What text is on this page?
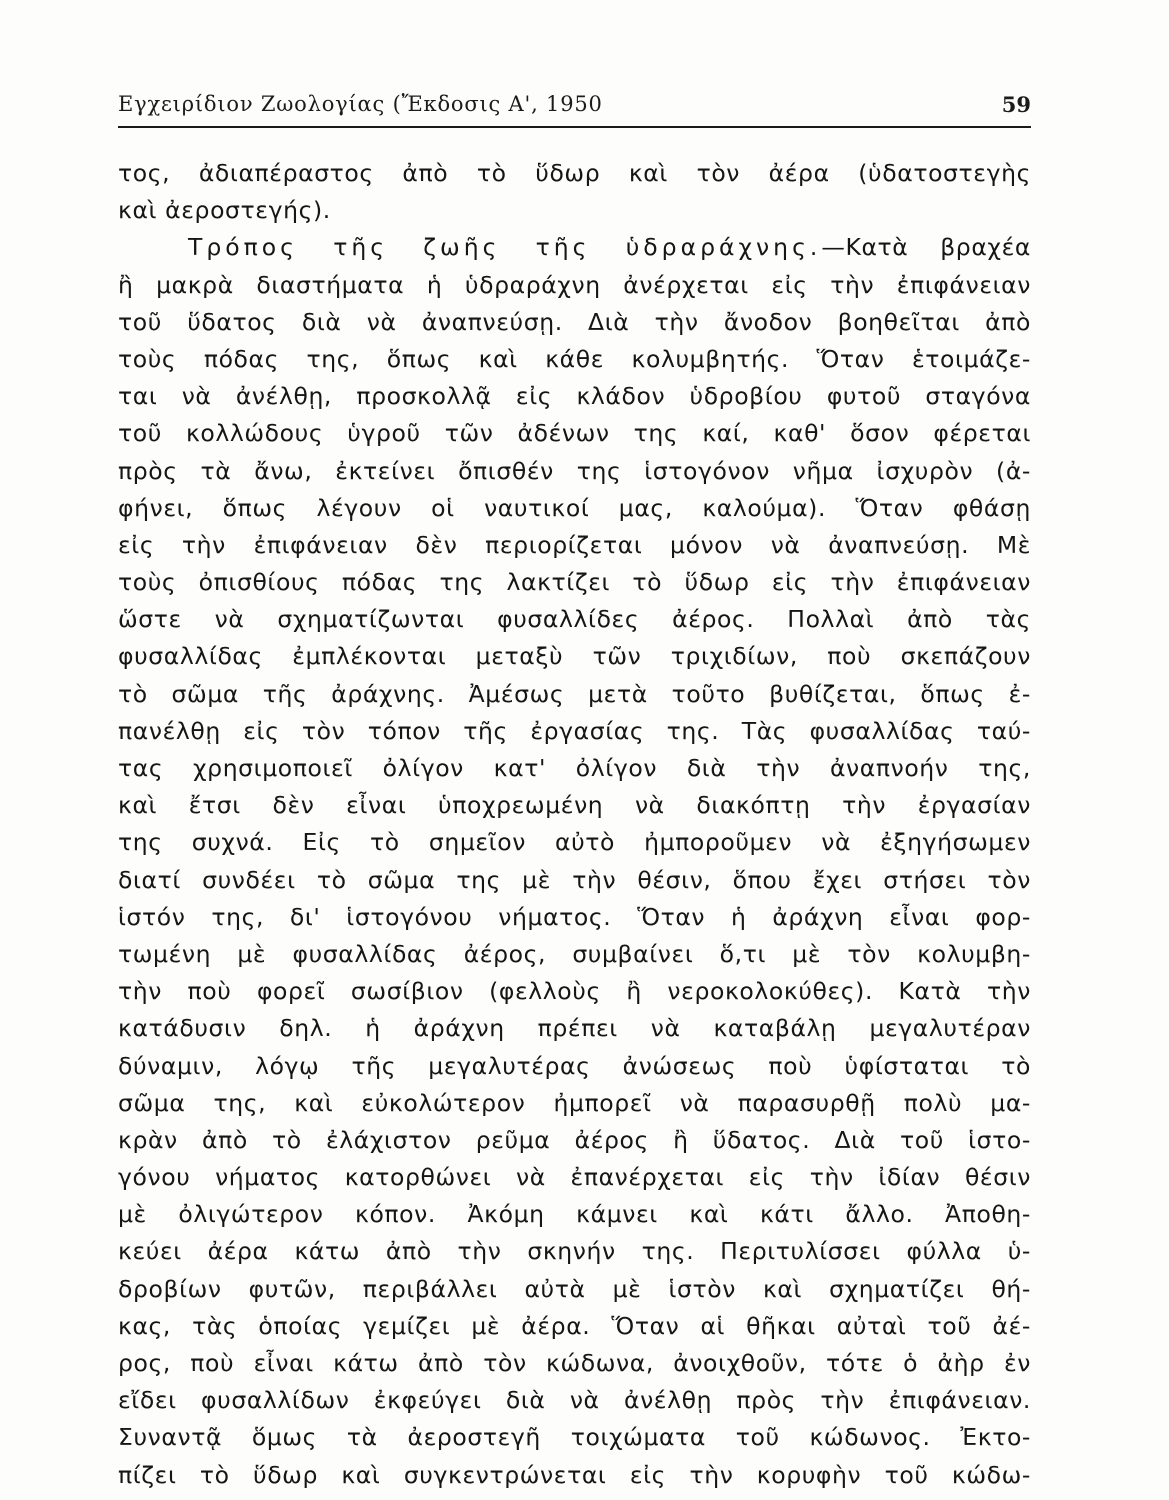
Εγχειρίδιον Ζωολογίας (Ἔκδοσις Α', 1950	59
τος, ἀδιαπέραστος ἀπὸ τὸ ὕδωρ καὶ τὸν ἀέρα (ὑδατοστεγὴς
καὶ ἀεροστεγής).
Τρόπος τῆς ζωῆς τῆς ὑδραράχνης.—Κατὰ βραχέα
ἢ μακρὰ διαστήματα ἡ ὑδραράχνη ἀνέρχεται εἰς τὴν ἐπιφάνειαν
τοῦ ὕδατος διὰ νὰ ἀναπνεύσῃ. Διὰ τὴν ἄνοδον βοηθεῖται ἀπὸ
τοὺς πόδας της, ὅπως καὶ κάθε κολυμβητής. Ὅταν ἑτοιμάζε-
ται νὰ ἀνέλθῃ, προσκολλᾷ εἰς κλάδον ὑδροβίου φυτοῦ σταγόνα
τοῦ κολλώδους ὑγροῦ τῶν ἀδένων της καί, καθ' ὅσον φέρεται
πρὸς τὰ ἄνω, ἐκτείνει ὄπισθέν της ἱστογόνον νῆμα ἰσχυρὸν (ἀ-
φήνει, ὅπως λέγουν οἱ ναυτικοί μας, καλούμα). Ὅταν φθάσῃ
εἰς τὴν ἐπιφάνειαν δὲν περιορίζεται μόνον νὰ ἀναπνεύσῃ. Μὲ
τοὺς ὀπισθίους πόδας της λακτίζει τὸ ὕδωρ εἰς τὴν ἐπιφάνειαν
ὥστε νὰ σχηματίζωνται φυσαλλίδες ἀέρος. Πολλαὶ ἀπὸ τὰς
φυσαλλίδας ἐμπλέκονται μεταξὺ τῶν τριχιδίων, ποὺ σκεπάζουν
τὸ σῶμα τῆς ἀράχνης. Ἀμέσως μετὰ τοῦτο βυθίζεται, ὅπως ἐ-
πανέλθῃ εἰς τὸν τόπον τῆς ἐργασίας της. Τὰς φυσαλλίδας ταύ-
τας χρησιμοποιεῖ ὀλίγον κατ' ὀλίγον διὰ τὴν ἀναπνοήν της,
καὶ ἔτσι δὲν εἶναι ὑποχρεωμένη νὰ διακόπτῃ τὴν ἐργασίαν
της συχνά. Εἰς τὸ σημεῖον αὐτὸ ἠμποροῦμεν νὰ ἐξηγήσωμεν
διατί συνδέει τὸ σῶμα της μὲ τὴν θέσιν, ὅπου ἔχει στήσει τὸν
ἱστόν της, δι' ἱστογόνου νήματος. Ὅταν ἡ ἀράχνη εἶναι φορ-
τωμένη μὲ φυσαλλίδας ἀέρος, συμβαίνει ὅ,τι μὲ τὸν κολυμβη-
τὴν ποὺ φορεῖ σωσίβιον (φελλοὺς ἢ νεροκολοκύθες). Κατὰ τὴν
κατάδυσιν δηλ. ἡ ἀράχνη πρέπει νὰ καταβάλῃ μεγαλυτέραν
δύναμιν, λόγῳ τῆς μεγαλυτέρας ἀνώσεως ποὺ ὑφίσταται τὸ
σῶμα της, καὶ εὐκολώτερον ἠμπορεῖ νὰ παρασυρθῇ πολὺ μα-
κρὰν ἀπὸ τὸ ἐλάχιστον ρεῦμα ἀέρος ἢ ὕδατος. Διὰ τοῦ ἱστο-
γόνου νήματος κατορθώνει νὰ ἐπανέρχεται εἰς τὴν ἰδίαν θέσιν
μὲ ὀλιγώτερον κόπον. Ἀκόμη κάμνει καὶ κάτι ἄλλο. Ἀποθη-
κεύει ἀέρα κάτω ἀπὸ τὴν σκηνήν της. Περιτυλίσσει φύλλα ὑ-
δροβίων φυτῶν, περιβάλλει αὐτὰ μὲ ἱστὸν καὶ σχηματίζει θή-
κας, τὰς ὁποίας γεμίζει μὲ ἀέρα. Ὅταν αἱ θῆκαι αὐταὶ τοῦ ἀέ-
ρος, ποὺ εἶναι κάτω ἀπὸ τὸν κώδωνα, ἀνοιχθοῦν, τότε ὁ ἀὴρ ἐν
εἴδει φυσαλλίδων ἐκφεύγει διὰ νὰ ἀνέλθῃ πρὸς τὴν ἐπιφάνειαν.
Συναντᾷ ὅμως τὰ ἀεροστεγῆ τοιχώματα τοῦ κώδωνος. Ἐκτο-
πίζει τὸ ὕδωρ καὶ συγκεντρώνεται εἰς τὴν κορυφὴν τοῦ κώδω-
